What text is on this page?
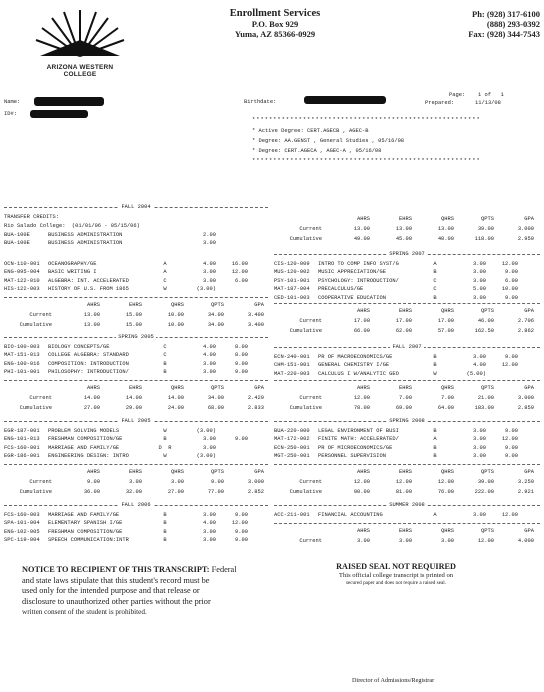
ARIZONA WESTERN COLLEGE
Enrollment Services
P.O. Box 929
Yuma, AZ 85366-0929
Ph: (928) 317-6100
(888) 293-0392
Fax: (928) 344-7543
Name:
ID#:
Birthdate:
Page: 1 of   1
Prepared:	11/13/08
******************************************************
* Active Degree: CERT.AGECB , AGEC-B
* Degree: AA.GENST , General Studies , 05/16/08
* Degree: CERT.AGECA , AGEC-A , 05/16/08
******************************************************
FALL 2004
TRANSFER CREDITS:
Rio Salado College:  (01/01/06 - 05/15/06)
BUA-100E	BUSINESS ADMINISTRATION	2.00
BUA-100E	BUSINESS ADMINISTRATION	3.00
OCN-110-001	OCEANOGRAPHY/GE	A	4.00	16.00
ENG-095-004	BASIC WRITING I	A	3.00	12.00
MAT-122-010	ALGEBRA: INT. ACCELERATED	C	3.00	6.00
HIS-122-003	HISTORY OF U.S. FROM 1865	W	(3.00)
AHRS	EHRS	QHRS	QPTS	GPA
Current	13.00	15.00	10.00	34.00	3.400
Cumulative	13.00	15.00	10.00	34.00	3.400
SPRING 2005
BIO-100-003	BIOLOGY CONCEPTS/GE	C	4.00	8.00
MAT-151-013	COLLEGE ALGEBRA: STANDARD	C	4.00	8.00
ENG-100-016	COMPOSITION: INTRODUCTION	B	3.00	9.00
PHI-101-001	PHILOSOPHY: INTRODUCTION/	B	3.00	9.00
AHRS	EHRS	QHRS	QPTS	GPA
Current	14.00	14.00	14.00	34.00	2.429
Cumulative	27.00	29.00	24.00	68.00	2.833
FALL 2005
EGR-187-001	PROBLEM SOLVING MODELS	W	(3.00)
ENG-101-013	FRESHMAN COMPOSITION/GE	B	3.00	9.00
FCS-160-001	MARRIAGE AND FAMILY/GE	D  R	3.00
EGR-186-001	ENGINEERING DESIGN: INTRO	W	(3.00)
AHRS	EHRS	QHRS	QPTS	GPA
Current	9.00	3.00	3.00	9.00	3.000
Cumulative	36.00	32.00	27.00	77.00	2.852
FALL 2006
FCS-160-003	MARRIAGE AND FAMILY/GE	B	3.00	9.00
SPA-101-004	ELEMENTARY SPANISH I/GE	B	4.00	12.00
ENG-102-005	FRESHMAN COMPOSITION/GE	B	3.00	9.00
SPC-119-004	SPEECH COMMUNICATION:INTR	B	3.00	9.00
AHRS	EHRS	QHRS	QPTS	GPA
Current	13.00	13.00	13.00	39.00	3.000
Cumulative	49.00	45.00	40.00	118.00	2.950
SPRING 2007
CIS-120-009	INTRO TO COMP INFO SYST/G	A	3.00	12.00
MUS-120-002	MUSIC APPRECIATION/GE	B	3.00	9.00
PSY-101-001	PSYCHOLOGY: INTRODUCTION/	C	3.00	6.00
MAT-187-004	PRECALCULUS/GE	C	5.00	10.00
CED-101-003	COOPERATIVE EDUCATION	B	3.00	9.00
AHRS	EHRS	QHRS	QPTS	GPA
Current	17.00	17.00	17.00	46.00	2.706
Cumulative	66.00	62.00	57.00	162.50	2.862
FALL 2007
ECN-240-001	PR OF MACROECONOMICS/GE	B	3.00	9.00
CHM-151-001	GENERAL CHEMISTRY I/GE	B	4.00	12.00
MAT-220-003	CALCULUS I W/ANALYTIC GEO	W	(5.00)
AHRS	EHRS	QHRS	QPTS	GPA
Current	12.00	7.00	7.00	21.00	3.000
Cumulative	78.00	69.00	64.00	183.00	2.859
SPRING 2008
BUA-220-000	LEGAL ENVIRONMENT OF BUSI	B	3.00	9.00
MAT-172-002	FINITE MATH: ACCELERATED/	A	3.00	12.00
ECN-250-001	PR OF MICROECONOMICS/GE	B	3.00	9.00
MGT-250-001	PERSONNEL SUPERVISION	B	3.00	9.00
AHRS	EHRS	QHRS	QPTS	GPA
Current	12.00	12.00	12.00	39.00	3.250
Cumulative	90.00	81.00	76.00	222.00	2.921
SUMMER 2008
ACC-211-001	FINANCIAL ACCOUNTING	A	3.00	12.00
AHRS	EHRS	QHRS	QPTS	GPA
Current	3.00	3.00	3.00	12.00	4.000
NOTICE TO RECIPIENT OF THIS TRANSCRIPT: Federal
and state laws stipulate that this student's record must be
used only for the intended purpose and that release or
disclosure to unauthorized other parties without the prior
written consent of the student is prohibited.
RAISED SEAL NOT REQUIRED
This official college transcript is printed on
secured paper and does not require a raised seal.
Director of Admissions/Registrar
